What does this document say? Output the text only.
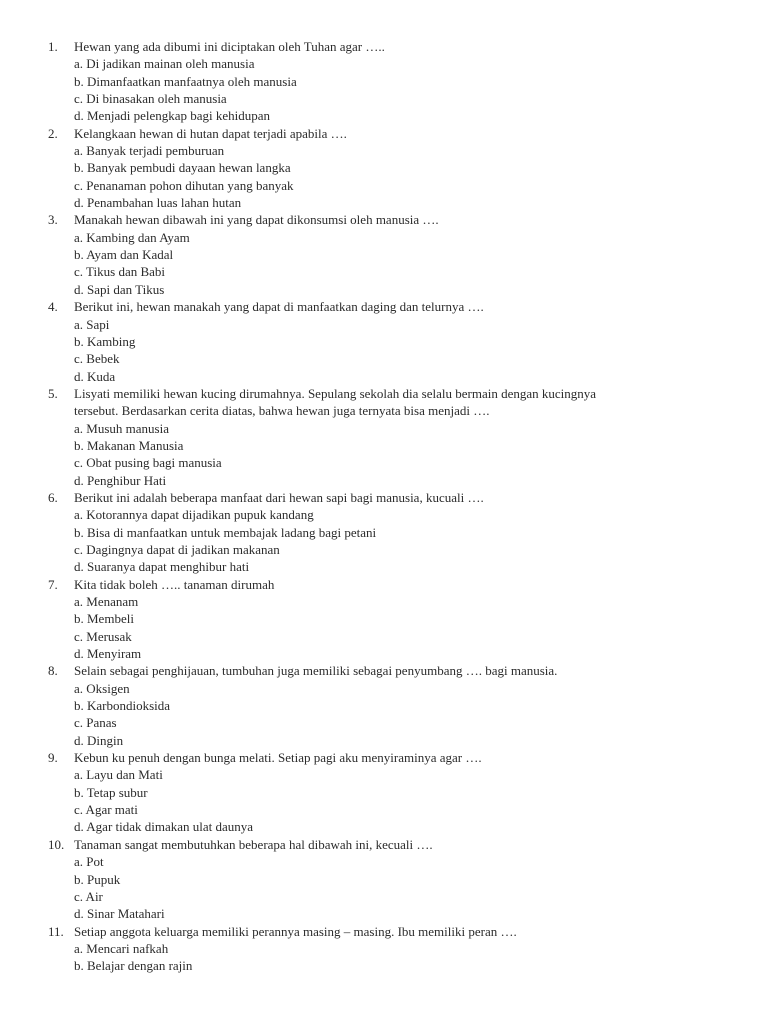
1.	Hewan yang ada dibumi ini diciptakan oleh Tuhan agar …..
a. Di jadikan mainan oleh manusia
b. Dimanfaatkan manfaatnya oleh manusia
c. Di binasakan oleh manusia
d. Menjadi pelengkap bagi kehidupan
2.	Kelangkaan hewan di hutan dapat terjadi apabila ….
a. Banyak terjadi pemburuan
b. Banyak pembudi dayaan hewan langka
c. Penanaman pohon dihutan yang banyak
d. Penambahan luas lahan hutan
3.	Manakah hewan dibawah ini yang dapat dikonsumsi oleh manusia ….
a. Kambing dan Ayam
b. Ayam dan Kadal
c. Tikus dan Babi
d. Sapi dan Tikus
4.	Berikut ini, hewan manakah yang dapat di manfaatkan daging dan telurnya ….
a. Sapi
b. Kambing
c. Bebek
d. Kuda
5.	Lisyati memiliki hewan kucing dirumahnya. Sepulang sekolah dia selalu bermain dengan kucingnya
tersebut. Berdasarkan cerita diatas, bahwa hewan juga ternyata bisa menjadi ….
a. Musuh manusia
b. Makanan Manusia
c. Obat pusing bagi manusia
d. Penghibur Hati
6.	Berikut ini adalah beberapa manfaat dari hewan sapi bagi manusia, kucuali ….
a. Kotorannya dapat dijadikan pupuk kandang
b. Bisa di manfaatkan untuk membajak ladang bagi petani
c. Dagingnya dapat di jadikan makanan
d. Suaranya dapat menghibur hati
7.	Kita tidak boleh ….. tanaman dirumah
a. Menanam
b. Membeli
c. Merusak
d. Menyiram
8.	Selain sebagai penghijauan, tumbuhan juga memiliki sebagai penyumbang …. bagi manusia.
a. Oksigen
b. Karbondioksida
c. Panas
d. Dingin
9.	Kebun ku penuh dengan bunga melati. Setiap pagi aku menyiraminya agar ….
a. Layu dan Mati
b. Tetap subur
c. Agar mati
d. Agar tidak dimakan ulat daunya
10. Tanaman sangat membutuhkan beberapa hal dibawah ini, kecuali ….
a. Pot
b. Pupuk
c. Air
d. Sinar Matahari
11. Setiap anggota keluarga memiliki perannya masing – masing. Ibu memiliki peran ….
a. Mencari nafkah
b. Belajar dengan rajin
